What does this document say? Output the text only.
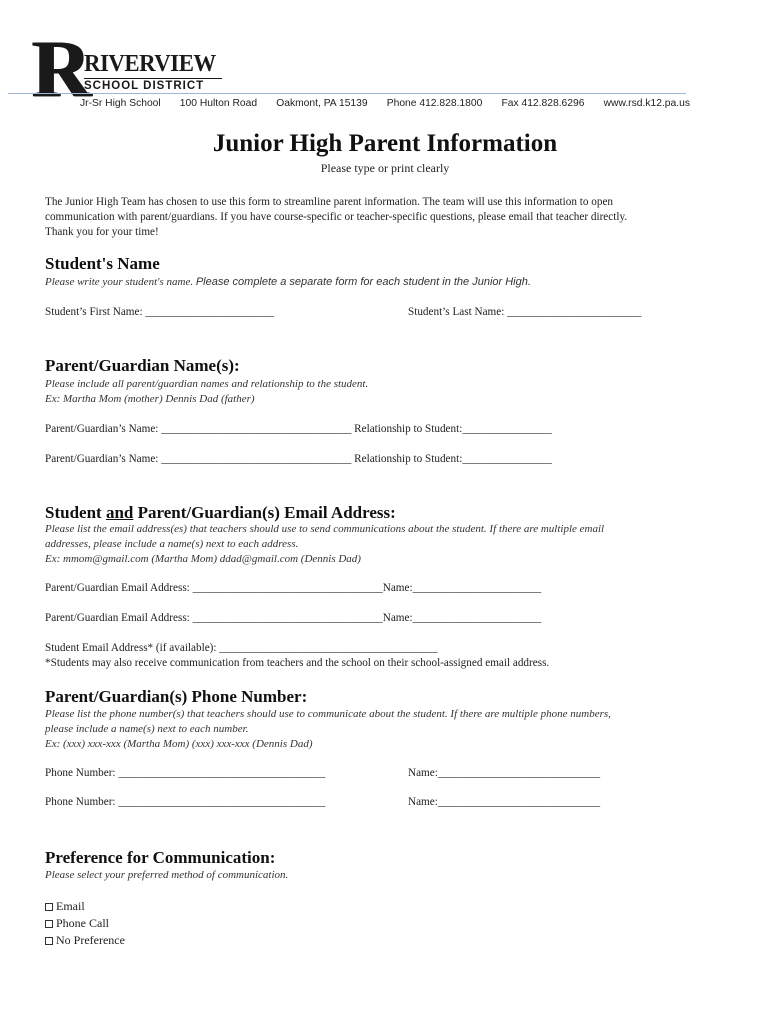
R
RIVERVIEW
SCHOOL DISTRICT
Jr-Sr High School 100 Hulton Road Oakmont, PA 15139 Phone 412.828.1800 Fax 412.828.6296 www.rsd.k12.pa.us
Junior High Parent Information
Please type or print clearly

The Junior High Team has chosen to use this form to streamline parent information. The team will use this information to open
communication with parent/guardians. If you have course-specific or teacher-specific questions, please email that teacher directly.
Thank you for your time!

Student's Name

Please write your student's name. Please complete a separate form for each student in the Junior High.

Student’s First Name: _______________________	Student’s Last Name: ________________________
Parent/Guardian Name(s):

Please include all parent/guardian names and relationship to the student.
Ex: Martha Mom (mother) Dennis Dad (father)

Parent/Guardian’s Name: __________________________________ Relationship to Student:________________
Parent/Guardian’s Name: __________________________________ Relationship to Student:________________
Student and Parent/Guardian(s) Email Address:

Please list the email address(es) that teachers should use to send communications about the student. If there are multiple email
addresses, please include a name(s) next to each address.
Ex: mmom@gmail.com (Martha Mom) ddad@gmail.com (Dennis Dad)

Parent/Guardian Email Address: __________________________________Name:_______________________
Parent/Guardian Email Address: __________________________________Name:_______________________
Student Email Address* (if available): _______________________________________
*Students may also receive communication from teachers and the school on their school-assigned email address.
Parent/Guardian(s) Phone Number:

Please list the phone number(s) that teachers should use to communicate about the student. If there are multiple phone numbers,
please include a name(s) next to each number.
Ex: (xxx) xxx-xxx (Martha Mom) (xxx) xxx-xxx (Dennis Dad)

Phone Number: _____________________________________	Name:_____________________________
Phone Number: _____________________________________	Name:_____________________________
Preference for Communication:

Please select your preferred method of communication.

Email
Phone Call
No Preference
